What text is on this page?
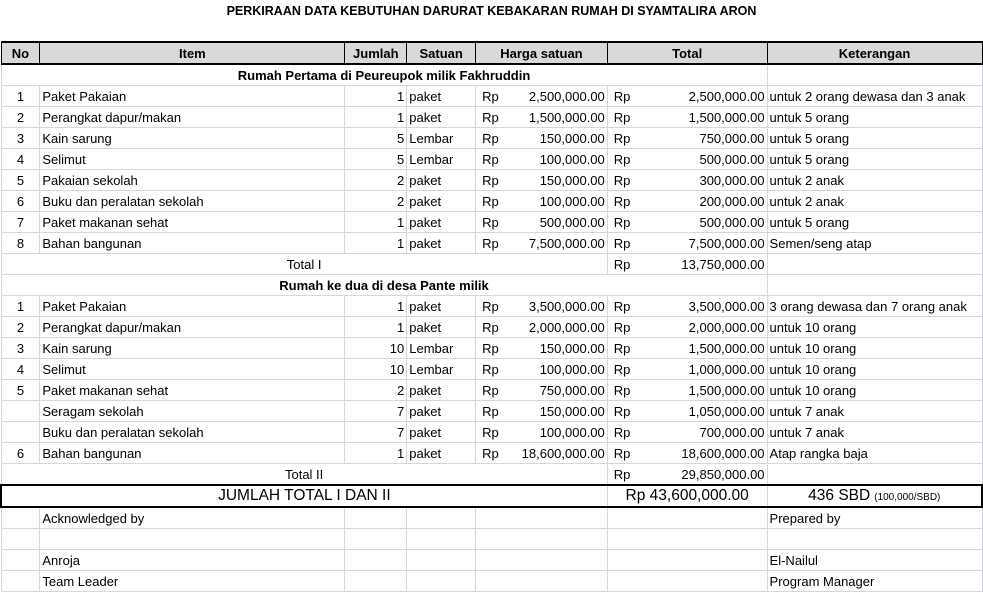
PERKIRAAN DATA KEBUTUHAN DARURAT KEBAKARAN RUMAH DI SYAMTALIRA ARON
No	Item	Jumlah	Satuan	Harga satuan	Total	Keterangan
Rumah Pertama di Peureupok milik Fakhruddin						
1	Paket Pakaian	1	paket	Rp 2,500,000.00	Rp 2,500,000.00	untuk 2 orang dewasa dan 3 anak
2	Perangkat dapur/makan	1	paket	Rp 1,500,000.00	Rp 1,500,000.00	untuk 5 orang
3	Kain sarung	5	Lembar	Rp 150,000.00	Rp 750,000.00	untuk 5 orang
4	Selimut	5	Lembar	Rp 100,000.00	Rp 500,000.00	untuk 5 orang
5	Pakaian sekolah	2	paket	Rp 150,000.00	Rp 300,000.00	untuk 2 anak
6	Buku dan peralatan sekolah	2	paket	Rp 100,000.00	Rp 200,000.00	untuk 2 anak
7	Paket makanan sehat	1	paket	Rp 500,000.00	Rp 500,000.00	untuk 5 orang
8	Bahan bangunan	1	paket	Rp 7,500,000.00	Rp 7,500,000.00	Semen/seng atap
Total I					Rp 13,750,000.00	

Rumah ke dua di desa Pante milik						
1	Paket Pakaian	1	paket	Rp 3,500,000.00	Rp 3,500,000.00	3 orang dewasa dan 7 orang anak
2	Perangkat dapur/makan	1	paket	Rp 2,000,000.00	Rp 2,000,000.00	untuk 10 orang
3	Kain sarung	10	Lembar	Rp 150,000.00	Rp 1,500,000.00	untuk 10 orang
4	Selimut	10	Lembar	Rp 100,000.00	Rp 1,000,000.00	untuk 10 orang
5	Paket makanan sehat	2	paket	Rp 750,000.00	Rp 1,500,000.00	untuk 10 orang
	Seragam sekolah	7	paket	Rp 150,000.00	Rp 1,050,000.00	untuk 7 anak
	Buku dan peralatan sekolah	7	paket	Rp 100,000.00	Rp 700,000.00	untuk 7 anak
6	Bahan bangunan	1	paket	Rp 18,600,000.00	Rp 18,600,000.00	Atap rangka baja
Total II					Rp 29,850,000.00	

JUMLAH TOTAL I DAN II					Rp 43,600,000.00	436 SBD (100,000/SBD)
	Acknowledged by					Prepared by

	Anroja					El-Nailul
	Team Leader					Program Manager
